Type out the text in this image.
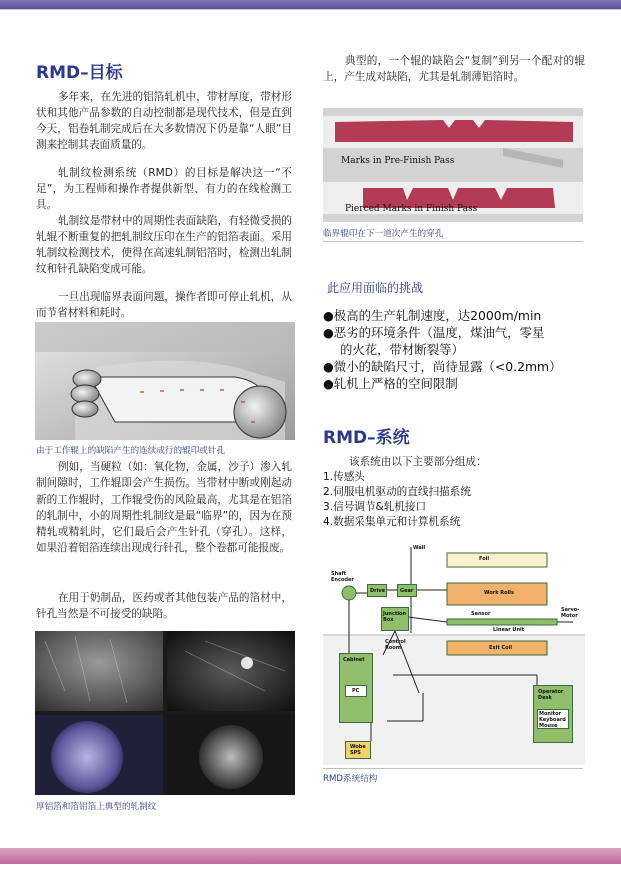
RMD–目标

多年来，在先进的铝箔轧机中，带材厚度，带材形状和其他产品参数的自动控制都是现代技术，但是直到今天，铝卷轧制完成后在大多数情况下仍是靠“人眼”目测来控制其表面质量的。

轧制纹检测系统（RMD）的目标是解决这一“不足”，为工程师和操作者提供新型、有力的在线检测工具。

轧制纹是带材中的周期性表面缺陷，有轻微受损的轧辊不断重复的把轧制纹压印在生产的铝箔表面。采用轧制纹检测技术，使得在高速轧制铝箔时，检测出轧制纹和针孔缺陷变成可能。

一旦出现临界表面问题，操作者即可停止轧机，从而节省材料和耗时。

由于工作辊上的缺陷产生的连续成行的辊印或针孔

例如，当硬粒（如：氧化物，金属，沙子）渗入轧制间隙时，工作辊即会产生损伤。当带材中断或刚起动新的工作辊时，工作辊受伤的风险最高，尤其是在铝箔的轧制中，小的周期性轧制纹是最“临界”的，因为在预精轧或精轧时，它们最后会产生针孔（穿孔）。这样，如果沿着铝箔连续出现成行针孔，整个卷都可能报废。

在用于奶制品，医药或者其他包装产品的箔材中，针孔当然是不可接受的缺陷。

厚铝箔和箔铝箔上典型的轧制纹

典型的，一个辊的缺陷会“复制”到另一个配对的辊上，产生成对缺陷，尤其是轧制薄铝箔时。

Marks in Pre-Finish Pass
Pierced Marks in Finish Pass
临界辊印在下一道次产生的穿孔
此应用面临的挑战
●极高的生产轧制速度，达2000m/min
●恶劣的环境条件（温度，煤油气，零星
的火花，带材断裂等）
●微小的缺陷尺寸，尚待显露（<0.2mm）
●轧机上严格的空间限制
RMD–系统
该系统由以下主要部分组成：
1.传感头
2.伺服电机驱动的直线扫描系统
3.信号调节&轧机接口
4.数据采集单元和计算机系统
Shaft
Encoder
Wall
Foil
Drive	Gear	Work Rolls
Junction
Box
Sensor
Linear Unit
Servo-
Motor
Exit Coil
Control
Room
Cabinet
PC	Operator
Desk
Monitor
Keyboard
Mouse
Wobe
SPS
RMD系统结构
